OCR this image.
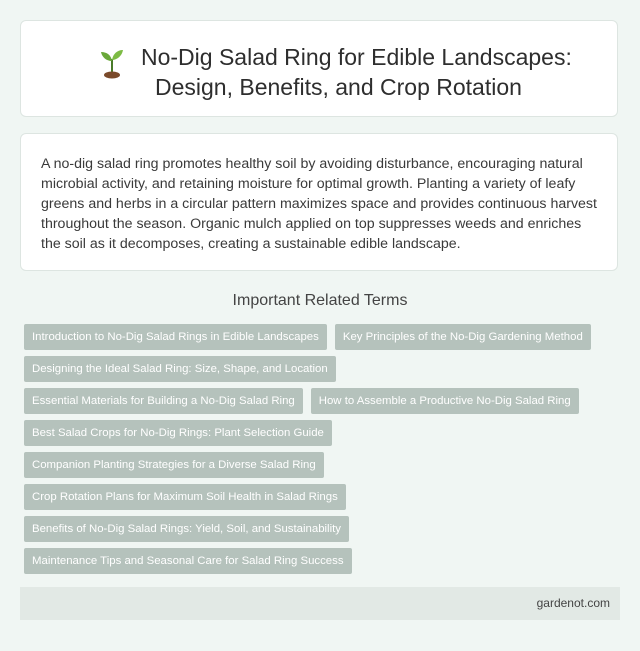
No-Dig Salad Ring for Edible Landscapes:
Design, Benefits, and Crop Rotation

A no-dig salad ring promotes healthy soil by avoiding disturbance, encouraging natural microbial activity, and retaining moisture for optimal growth. Planting a variety of leafy greens and herbs in a circular pattern maximizes space and provides continuous harvest throughout the season. Organic mulch applied on top suppresses weeds and enriches the soil as it decomposes, creating a sustainable edible landscape.

Important Related Terms
Introduction to No-Dig Salad Rings in Edible Landscapes	Key Principles of the No-Dig Gardening Method
Designing the Ideal Salad Ring: Size, Shape, and Location
Essential Materials for Building a No-Dig Salad Ring	How to Assemble a Productive No-Dig Salad Ring
Best Salad Crops for No-Dig Rings: Plant Selection Guide
Companion Planting Strategies for a Diverse Salad Ring
Crop Rotation Plans for Maximum Soil Health in Salad Rings
Benefits of No-Dig Salad Rings: Yield, Soil, and Sustainability
Maintenance Tips and Seasonal Care for Salad Ring Success
gardenot.com
